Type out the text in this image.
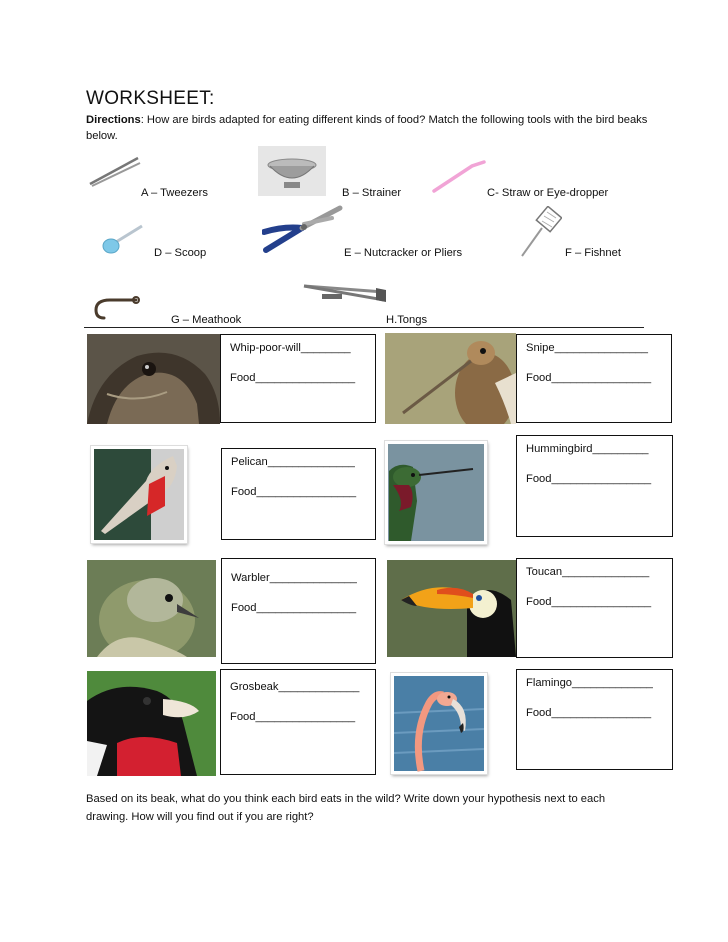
WORKSHEET:
Directions: How are birds adapted for eating different kinds of food? Match the following tools with the bird beaks below.
A – Tweezers	B – Strainer	C- Straw or Eye-dropper
D – Scoop	E – Nutcracker or Pliers	F – Fishnet
G – Meathook	H.Tongs
Whip-poor-will________
Food________________
Snipe_______________
Food________________
Pelican______________
Food________________
Hummingbird_________
Food________________
Warbler______________
Food________________
Toucan______________
Food________________
Grosbeak_____________
Food________________
Flamingo_____________
Food________________
Based on its beak, what do you think each bird eats in the wild? Write down your hypothesis next to each drawing. How will you find out if you are right?
